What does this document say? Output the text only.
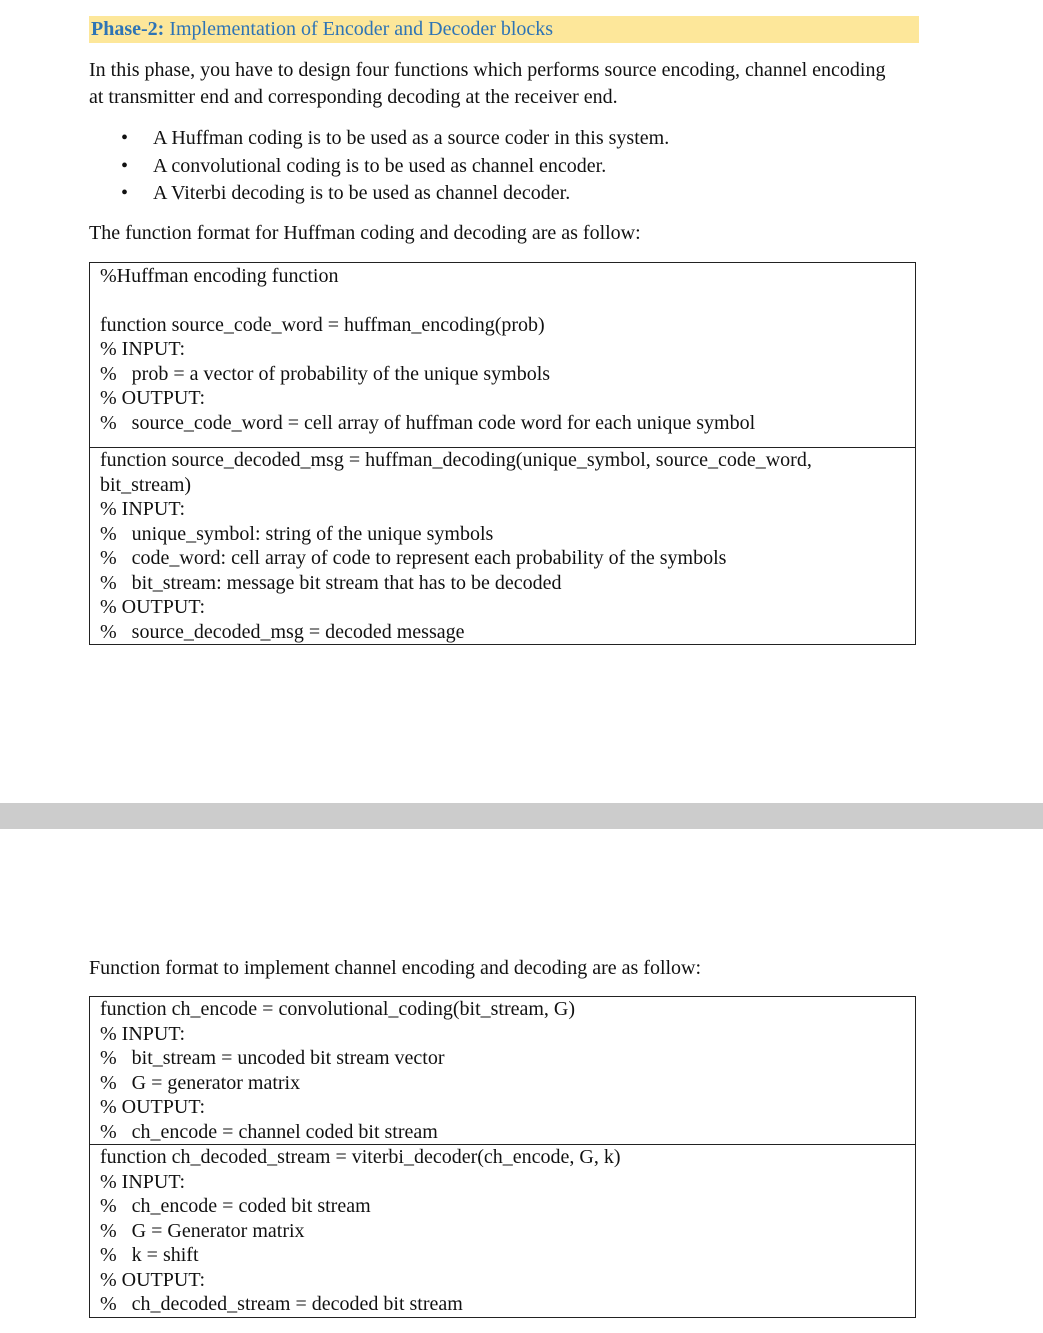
Phase-2: Implementation of Encoder and Decoder blocks
In this phase, you have to design four functions which performs source encoding, channel encoding
at transmitter end and corresponding decoding at the receiver end.
• A Huffman coding is to be used as a source coder in this system.
• A convolutional coding is to be used as channel encoder.
• A Viterbi decoding is to be used as channel decoder.
The function format for Huffman coding and decoding are as follow:
%Huffman encoding function
function source_code_word = huffman_encoding(prob)
% INPUT:
%   prob = a vector of probability of the unique symbols
% OUTPUT:
%   source_code_word = cell array of huffman code word for each unique symbol
function source_decoded_msg = huffman_decoding(unique_symbol, source_code_word,
bit_stream)
% INPUT:
%   unique_symbol: string of the unique symbols
%   code_word: cell array of code to represent each probability of the symbols
%   bit_stream: message bit stream that has to be decoded
% OUTPUT:
%   source_decoded_msg = decoded message
Function format to implement channel encoding and decoding are as follow:
function ch_encode = convolutional_coding(bit_stream, G)
% INPUT:
%   bit_stream = uncoded bit stream vector
%   G = generator matrix
% OUTPUT:
%   ch_encode = channel coded bit stream
function ch_decoded_stream = viterbi_decoder(ch_encode, G, k)
% INPUT:
%   ch_encode = coded bit stream
%   G = Generator matrix
%   k = shift
% OUTPUT:
%   ch_decoded_stream = decoded bit stream
